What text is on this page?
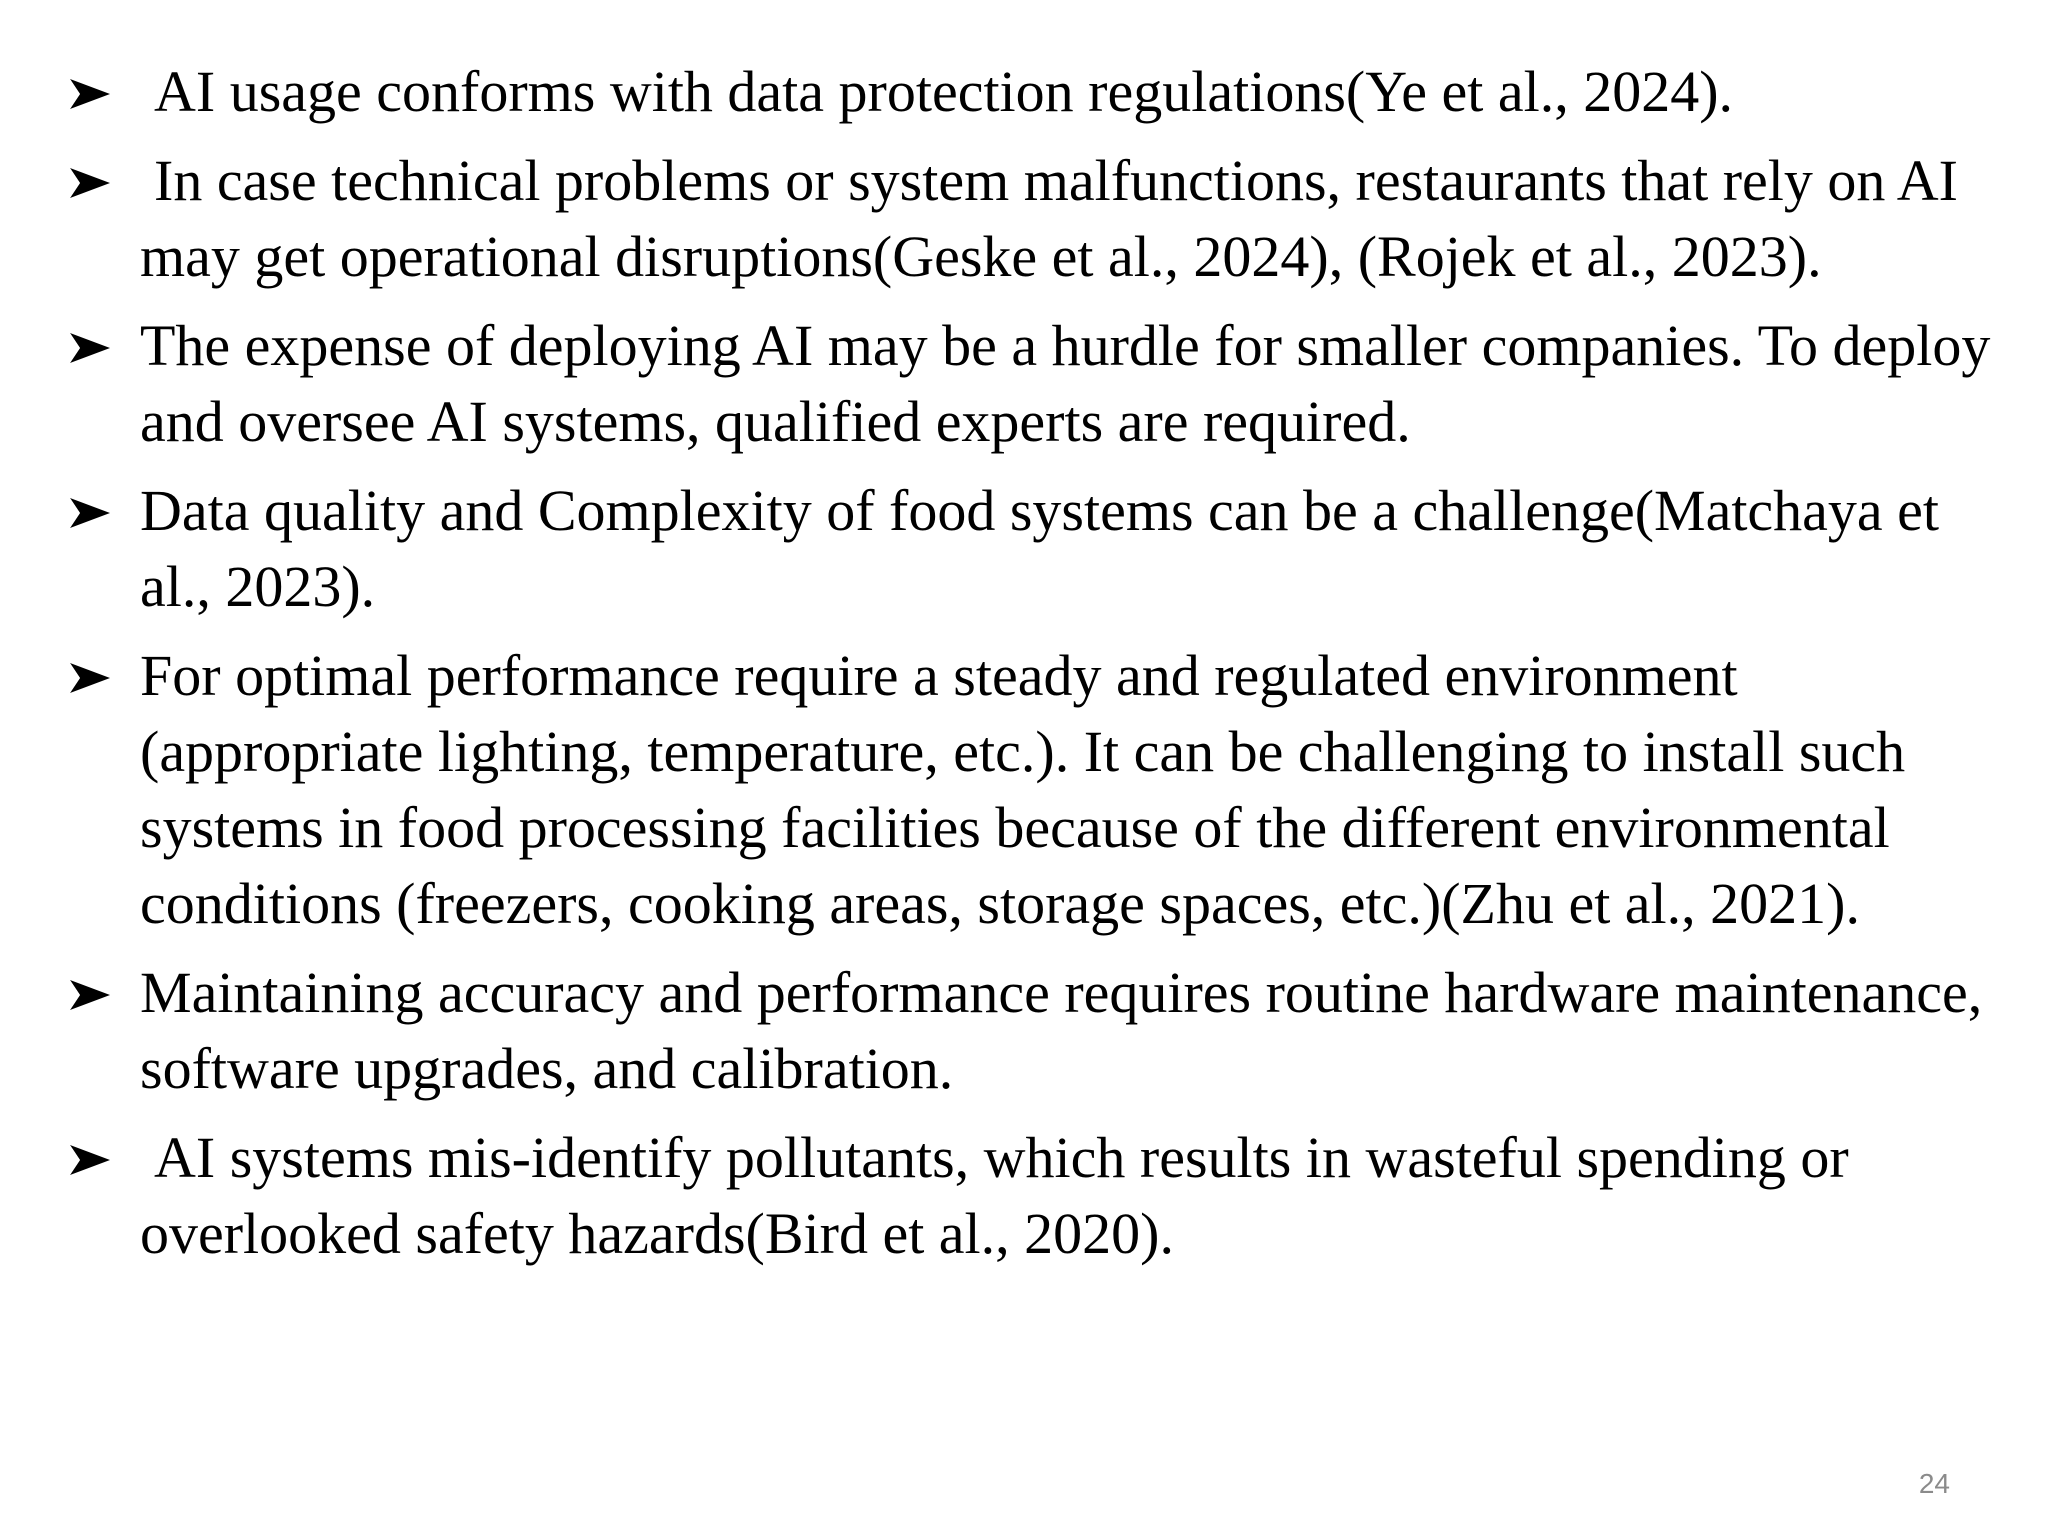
AI usage conforms with data protection regulations(Ye et al., 2024).
In case technical problems or system malfunctions, restaurants that rely on AI may get operational disruptions(Geske et al., 2024), (Rojek et al., 2023).
The expense of deploying AI may be a hurdle for smaller companies. To deploy and oversee AI systems, qualified experts are required.
Data quality and Complexity of food systems can be a challenge(Matchaya et al., 2023).
For optimal performance require a steady and regulated environment (appropriate lighting, temperature, etc.). It can be challenging to install such systems in food processing facilities because of the different environmental conditions (freezers, cooking areas, storage spaces, etc.)(Zhu et al., 2021).
Maintaining accuracy and performance requires routine hardware maintenance, software upgrades, and calibration.
AI systems mis-identify pollutants, which results in wasteful spending or overlooked safety hazards(Bird et al., 2020).
24
